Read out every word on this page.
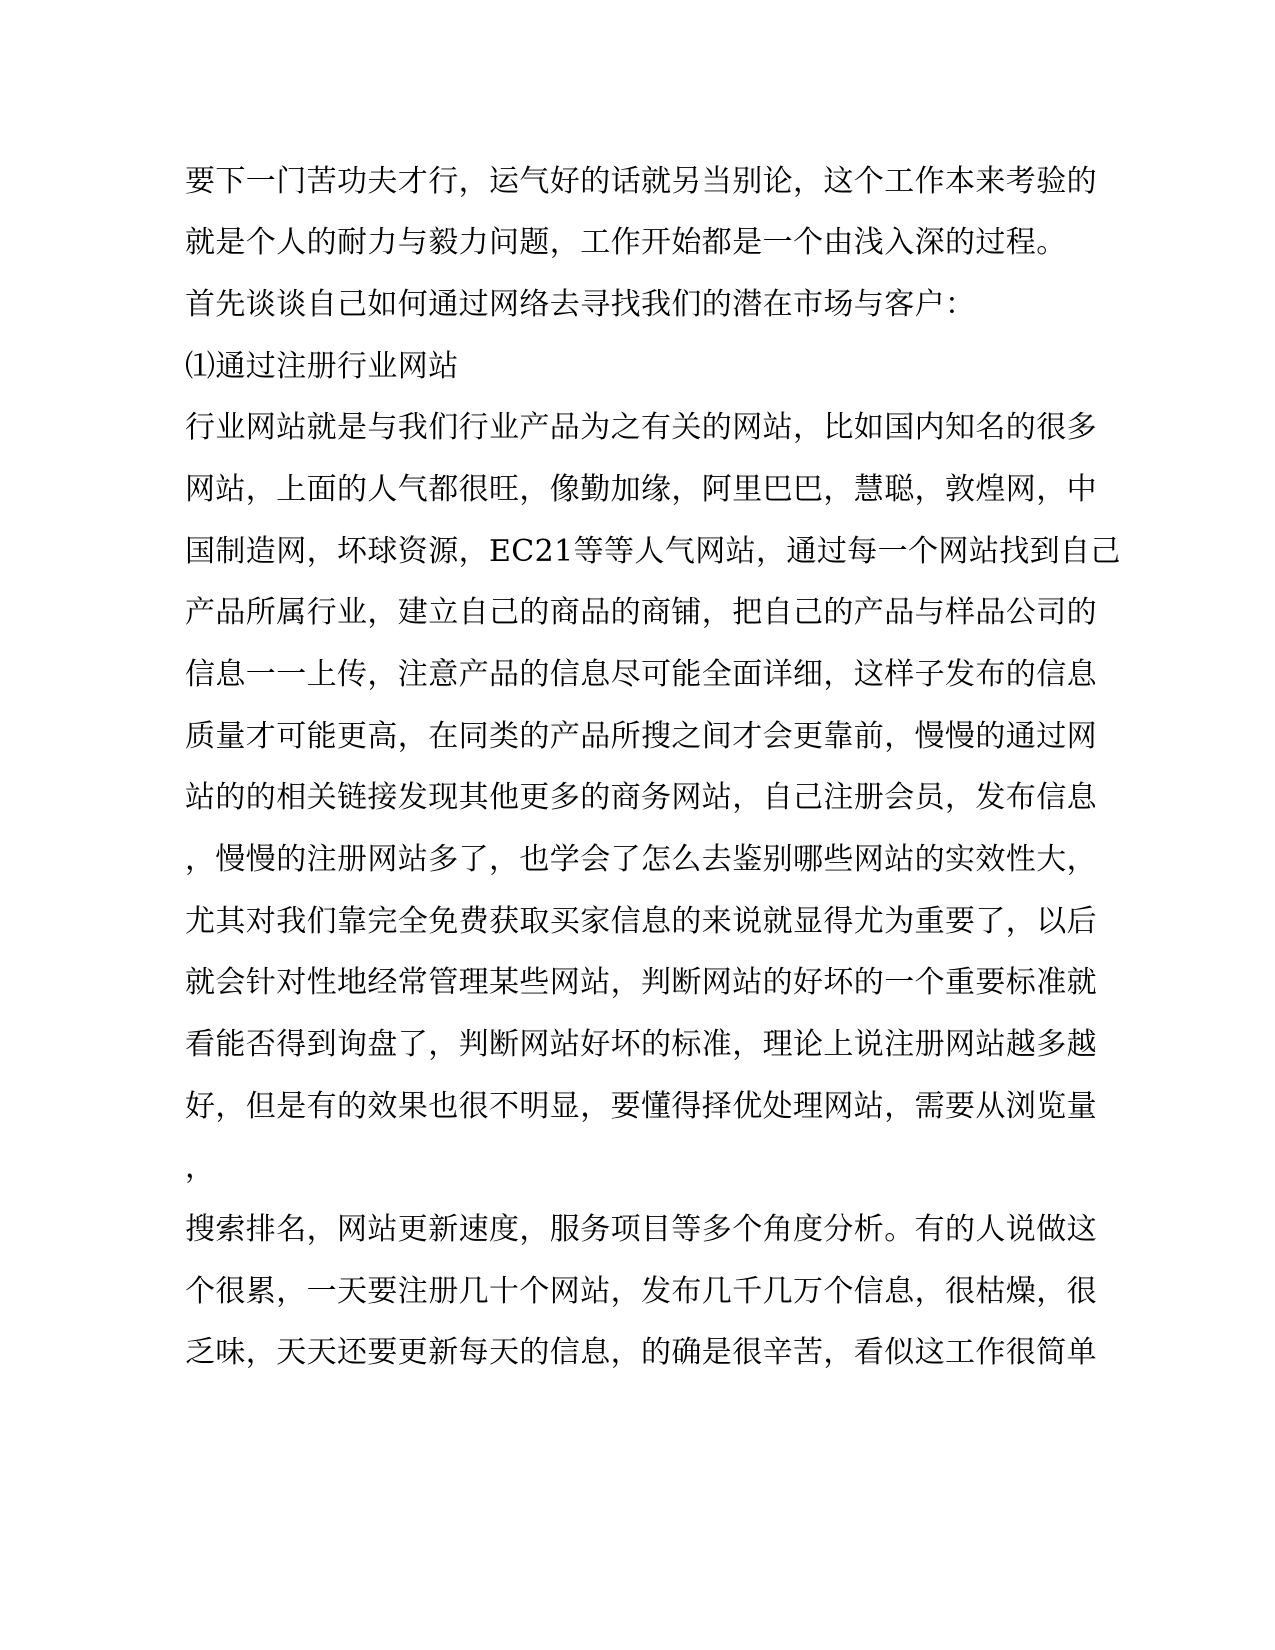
要下一门苦功夫才行，运气好的话就另当别论，这个工作本来考验的

就是个人的耐力与毅力问题，工作开始都是一个由浅入深的过程。

首先谈谈自己如何通过网络去寻找我们的潜在市场与客户：

⑴通过注册行业网站

行业网站就是与我们行业产品为之有关的网站，比如国内知名的很多

网站，上面的人气都很旺，像勤加缘，阿里巴巴，慧聪，敦煌网，中

国制造网，坏球资源，EC21等等人气网站，通过每一个网站找到自己

产品所属行业，建立自己的商品的商铺，把自己的产品与样品公司的

信息一一上传，注意产品的信息尽可能全面详细，这样子发布的信息

质量才可能更高，在同类的产品所搜之间才会更靠前，慢慢的通过网

站的的相关链接发现其他更多的商务网站，自己注册会员，发布信息

，慢慢的注册网站多了，也学会了怎么去鉴别哪些网站的实效性大，

尤其对我们靠完全免费获取买家信息的来说就显得尤为重要了，以后

就会针对性地经常管理某些网站，判断网站的好坏的一个重要标准就

看能否得到询盘了，判断网站好坏的标准，理论上说注册网站越多越

好，但是有的效果也很不明显，要懂得择优处理网站，需要从浏览量

，

搜索排名，网站更新速度，服务项目等多个角度分析。有的人说做这

个很累，一天要注册几十个网站，发布几千几万个信息，很枯燥，很

乏味，天天还要更新每天的信息，的确是很辛苦，看似这工作很简单
